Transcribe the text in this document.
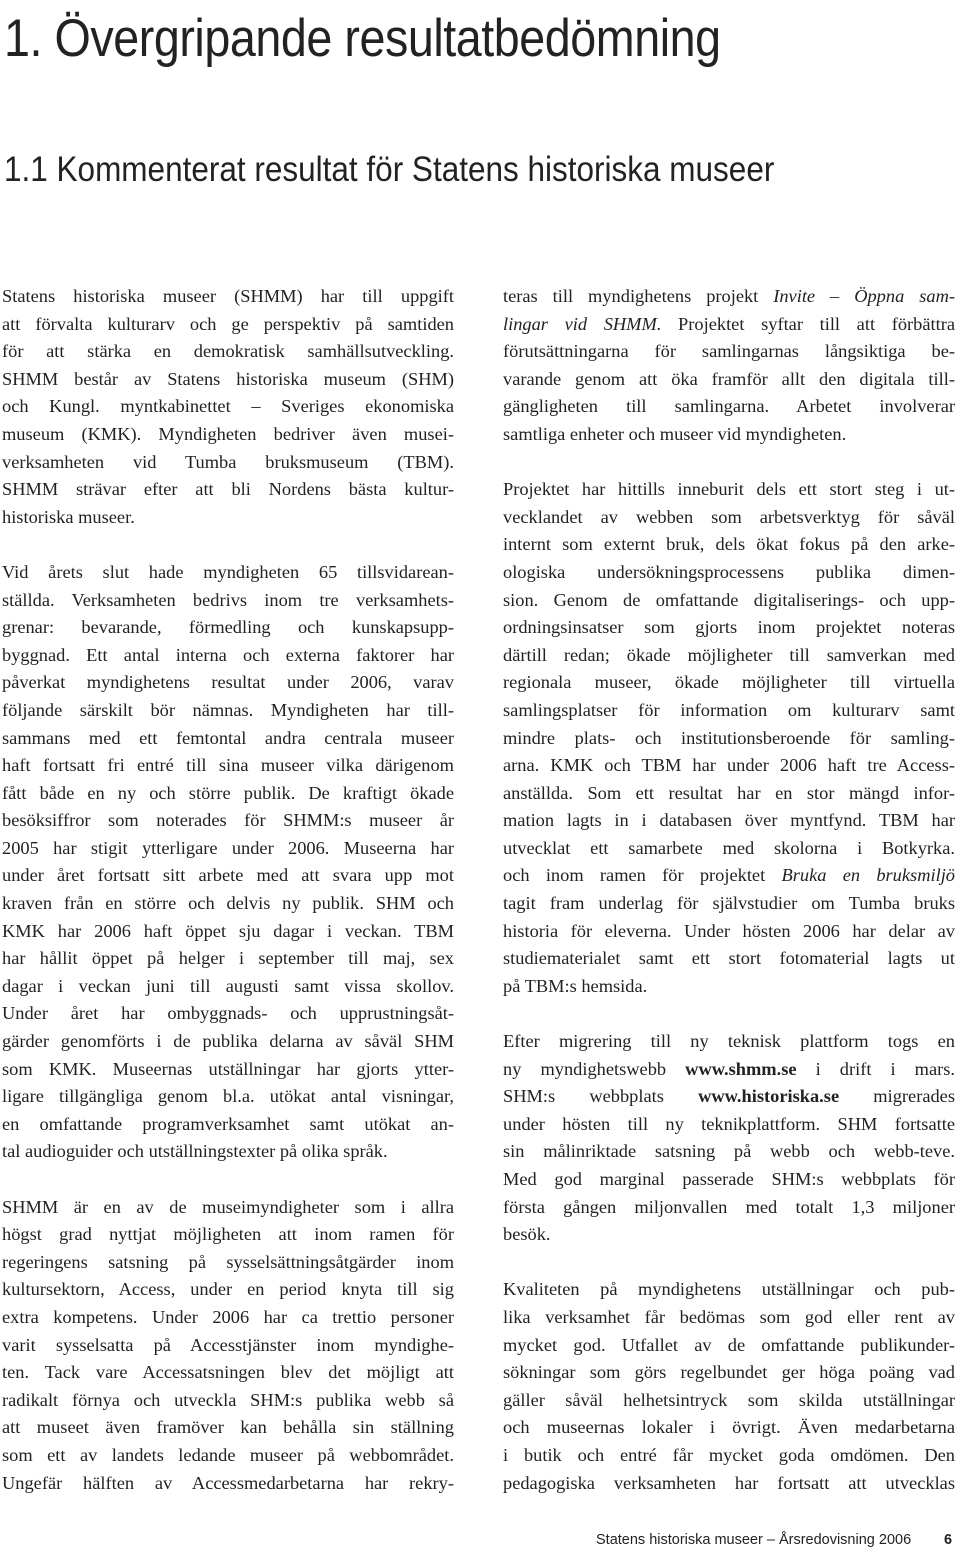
1. Övergripande resultatbedömning
1.1 Kommenterat resultat för Statens historiska museer

Statens historiska museer (SHMM) har till uppgift
att förvalta kulturarv och ge perspektiv på samtiden
för att stärka en demokratisk samhällsutveckling.
SHMM består av Statens historiska museum (SHM)
och Kungl. myntkabinettet – Sveriges ekonomiska
museum (KMK). Myndigheten bedriver även musei-
verksamheten vid Tumba bruksmuseum (TBM).
SHMM strävar efter att bli Nordens bästa kultur-
historiska museer.

Vid årets slut hade myndigheten 65 tillsvidarean-
ställda. Verksamheten bedrivs inom tre verksamhets-
grenar: bevarande, förmedling och kunskapsupp-
byggnad. Ett antal interna och externa faktorer har
påverkat myndighetens resultat under 2006, varav
följande särskilt bör nämnas. Myndigheten har till-
sammans med ett femtontal andra centrala museer
haft fortsatt fri entré till sina museer vilka därigenom
fått både en ny och större publik. De kraftigt ökade
besöksiffror som noterades för SHMM:s museer år
2005 har stigit ytterligare under 2006. Museerna har
under året fortsatt sitt arbete med att svara upp mot
kraven från en större och delvis ny publik. SHM och
KMK har 2006 haft öppet sju dagar i veckan. TBM
har hållit öppet på helger i september till maj, sex
dagar i veckan juni till augusti samt vissa skollov.
Under året har ombyggnads- och upprustningsåt-
gärder genomförts i de publika delarna av såväl SHM
som KMK. Museernas utställningar har gjorts ytter-
ligare tillgängliga genom bl.a. utökat antal visningar,
en omfattande programverksamhet samt utökat an-
tal audioguider och utställningstexter på olika språk.

SHMM är en av de museimyndigheter som i allra
högst grad nyttjat möjligheten att inom ramen för
regeringens satsning på sysselsättningsåtgärder inom
kultursektorn, Access, under en period knyta till sig
extra kompetens. Under 2006 har ca trettio personer
varit sysselsatta på Accesstjänster inom myndighe-
ten. Tack vare Accessatsningen blev det möjligt att
radikalt förnya och utveckla SHM:s publika webb så
att museet även framöver kan behålla sin ställning
som ett av landets ledande museer på webbområdet.
Ungefär hälften av Accessmedarbetarna har rekry-

teras till myndighetens projekt Invite – Öppna sam-
lingar vid SHMM. Projektet syftar till att förbättra
förutsättningarna för samlingarnas långsiktiga be-
varande genom att öka framför allt den digitala till-
gängligheten till samlingarna. Arbetet involverar
samtliga enheter och museer vid myndigheten.

Projektet har hittills inneburit dels ett stort steg i ut-
vecklandet av webben som arbetsverktyg för såväl
internt som externt bruk, dels ökat fokus på den arke-
ologiska undersökningsprocessens publika dimen-
sion. Genom de omfattande digitaliserings- och upp-
ordningsinsatser som gjorts inom projektet noteras
därtill redan; ökade möjligheter till samverkan med
regionala museer, ökade möjligheter till virtuella
samlingsplatser för information om kulturarv samt
mindre plats- och institutionsberoende för samling-
arna. KMK och TBM har under 2006 haft tre Access-
anställda. Som ett resultat har en stor mängd infor-
mation lagts in i databasen över myntfynd. TBM har
utvecklat ett samarbete med skolorna i Botkyrka.
och inom ramen för projektet Bruka en bruksmiljö
tagit fram underlag för självstudier om Tumba bruks
historia för eleverna. Under hösten 2006 har delar av
studiematerialet samt ett stort fotomaterial lagts ut
på TBM:s hemsida.

Efter migrering till ny teknisk plattform togs en
ny myndighetswebb www.shmm.se i drift i mars.
SHM:s webbplats www.historiska.se migrerades
under hösten till ny teknikplattform. SHM fortsatte
sin målinriktade satsning på webb och webb-teve.
Med god marginal passerade SHM:s webbplats för
första gången miljonvallen med totalt 1,3 miljoner
besök.

Kvaliteten på myndighetens utställningar och pub-
lika verksamhet får bedömas som god eller rent av
mycket god. Utfallet av de omfattande publikunder-
sökningar som görs regelbundet ger höga poäng vad
gäller såväl helhetsintryck som skilda utställningar
och museernas lokaler i övrigt. Även medarbetarna
i butik och entré får mycket goda omdömen. Den
pedagogiska verksamheten har fortsatt att utvecklas

Statens historiska museer – Årsredovisning 2006 6
